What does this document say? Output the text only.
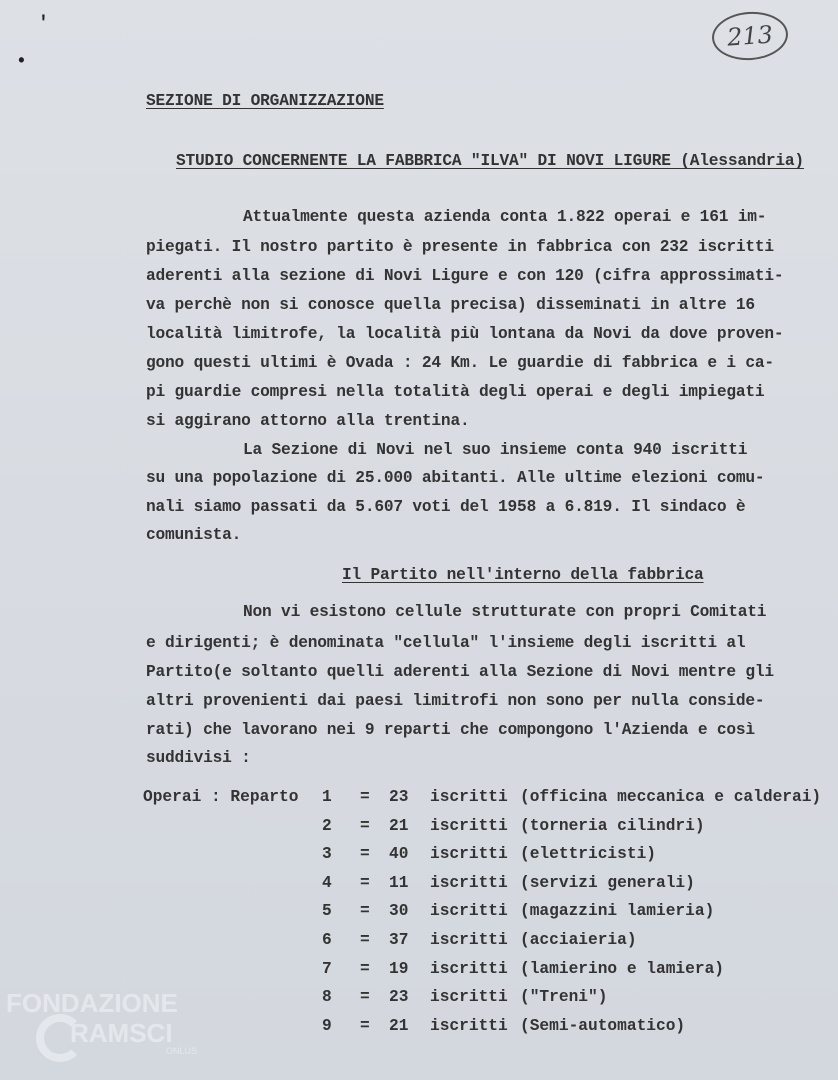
'
•
213
SEZIONE DI ORGANIZZAZIONE
STUDIO CONCERNENTE LA FABBRICA "ILVA" DI NOVI LIGURE (Alessandria)
Attualmente questa azienda conta 1.822 operai e 161 im-
piegati. Il nostro partito è presente in fabbrica con 232 iscritti
aderenti alla sezione di Novi Ligure e con 120 (cifra approssimati-
va perchè non si conosce quella precisa) disseminati in altre 16
località limitrofe, la località più lontana da Novi da dove proven-
gono questi ultimi è Ovada : 24 Km. Le guardie di fabbrica e i ca-
pi guardie compresi nella totalità degli operai e degli impiegati
si aggirano attorno alla trentina.
La Sezione di Novi nel suo insieme conta 940 iscritti
su una popolazione di 25.000 abitanti. Alle ultime elezioni comu-
nali siamo passati da 5.607 voti del 1958 a 6.819. Il sindaco è
comunista.
Il Partito nell'interno della fabbrica
Non vi esistono cellule strutturate con propri Comitati
e dirigenti; è denominata "cellula" l'insieme degli iscritti al
Partito(e soltanto quelli aderenti alla Sezione di Novi mentre gli
altri provenienti dai paesi limitrofi non sono per nulla conside-
rati) che lavorano nei 9 reparti che compongono l'Azienda e così
suddivisi :
Operai : Reparto 1 = 23 iscritti (officina meccanica e calderai)
2 = 21 iscritti (torneria cilindri)
3 = 40 iscritti (elettricisti)
4 = 11 iscritti (servizi generali)
5 = 30 iscritti (magazzini lamieria)
6 = 37 iscritti (acciaieria)
7 = 19 iscritti (lamierino e lamiera)
8 = 23 iscritti ("Treni")
9 = 21 iscritti (Semi-automatico)
FONDAZIONE
RAMSCI
ONLUS
